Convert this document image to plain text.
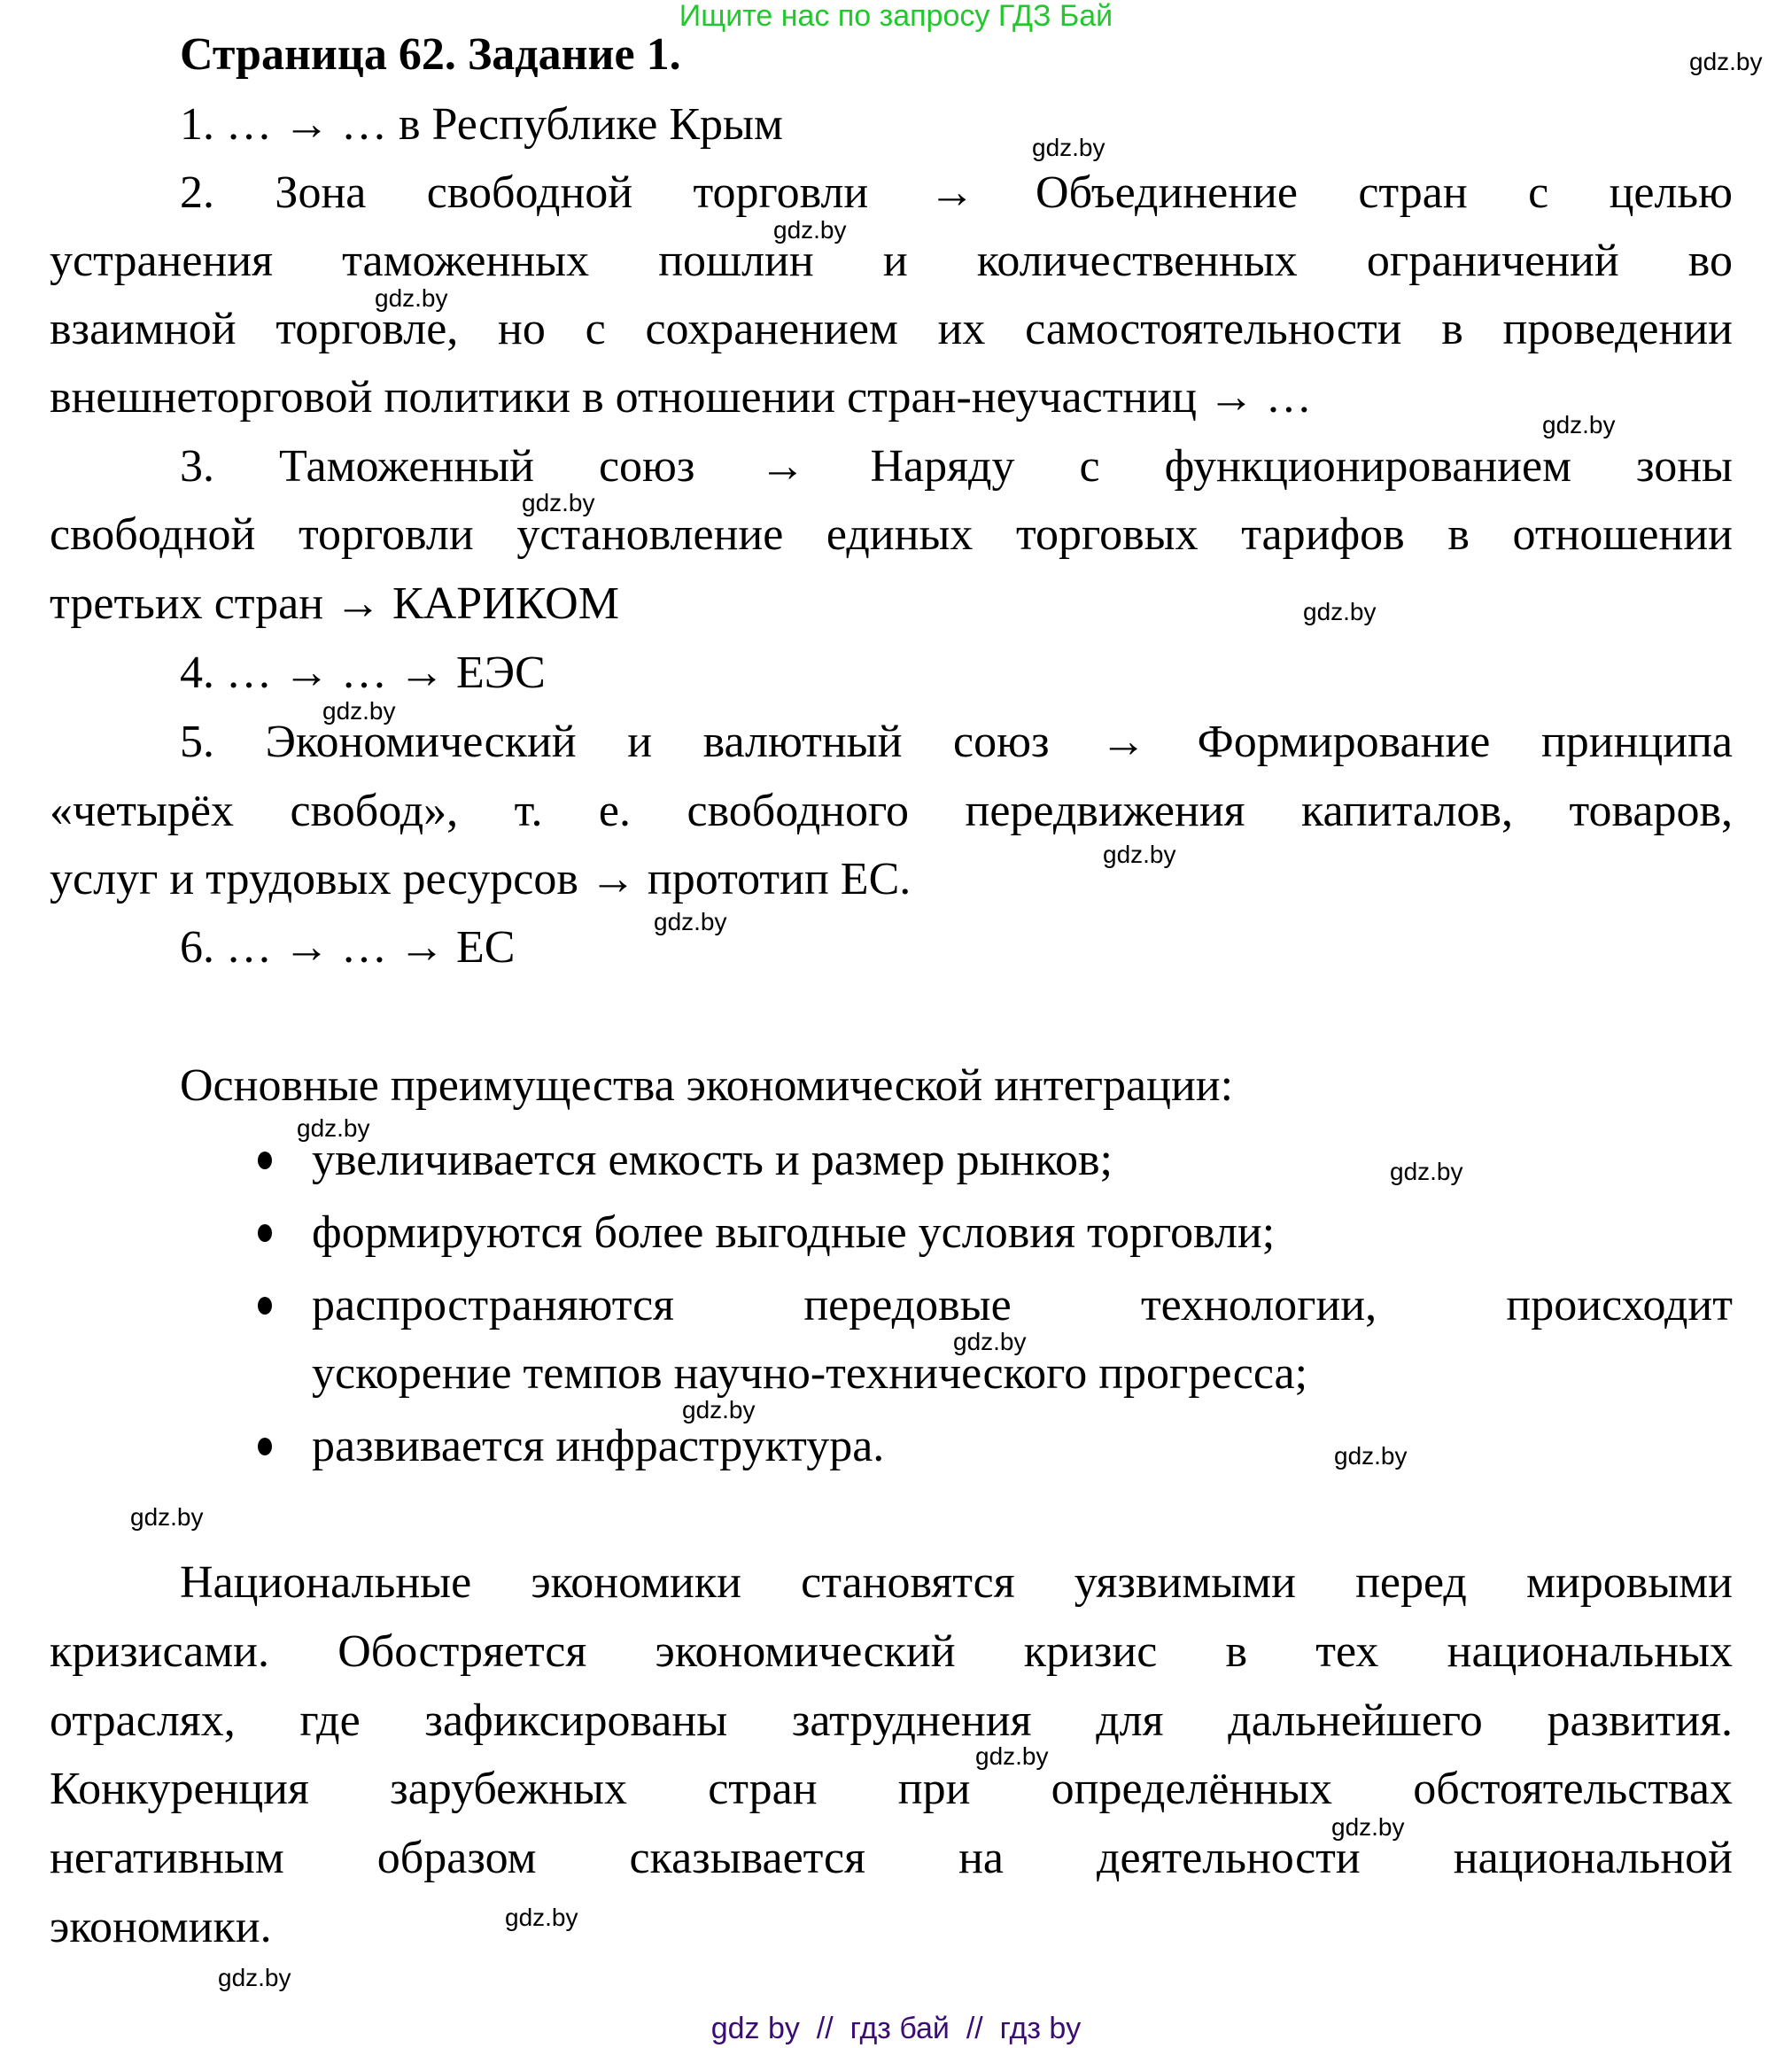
Ищите нас по запросу ГДЗ Бай
Страница 62. Задание 1.
1. … → … в Республике Крым
2. Зона свободной торговли → Объединение стран с целью
устранения таможенных пошлин и количественных ограничений во
взаимной торговле, но с сохранением их самостоятельности в проведении
внешнеторговой политики в отношении стран-неучастниц → …
3. Таможенный союз → Наряду с функционированием зоны
свободной торговли установление единых торговых тарифов в отношении
третьих стран → КАРИКОМ
4. … → … → ЕЭС
5. Экономический и валютный союз → Формирование принципа
«четырёх свобод», т. е. свободного передвижения капиталов, товаров,
услуг и трудовых ресурсов → прототип ЕС.
6. … → … → ЕС
Основные преимущества экономической интеграции:
увеличивается емкость и размер рынков;
формируются более выгодные условия торговли;
распространяются передовые технологии, происходит
ускорение темпов научно-технического прогресса;
развивается инфраструктура.
Национальные экономики становятся уязвимыми перед мировыми
кризисами. Обостряется экономический кризис в тех национальных
отраслях, где зафиксированы затруднения для дальнейшего развития.
Конкуренция зарубежных стран при определённых обстоятельствах
негативным образом сказывается на деятельности национальной
экономики.
gdz.by
gdz.by
gdz.by
gdz.by
gdz.by
gdz.by
gdz.by
gdz.by
gdz.by
gdz.by
gdz.by
gdz.by
gdz.by
gdz.by
gdz.by
gdz.by
gdz.by
gdz.by
gdz.by
gdz.by
gdz by  //  гдз бай  //  гдз by
